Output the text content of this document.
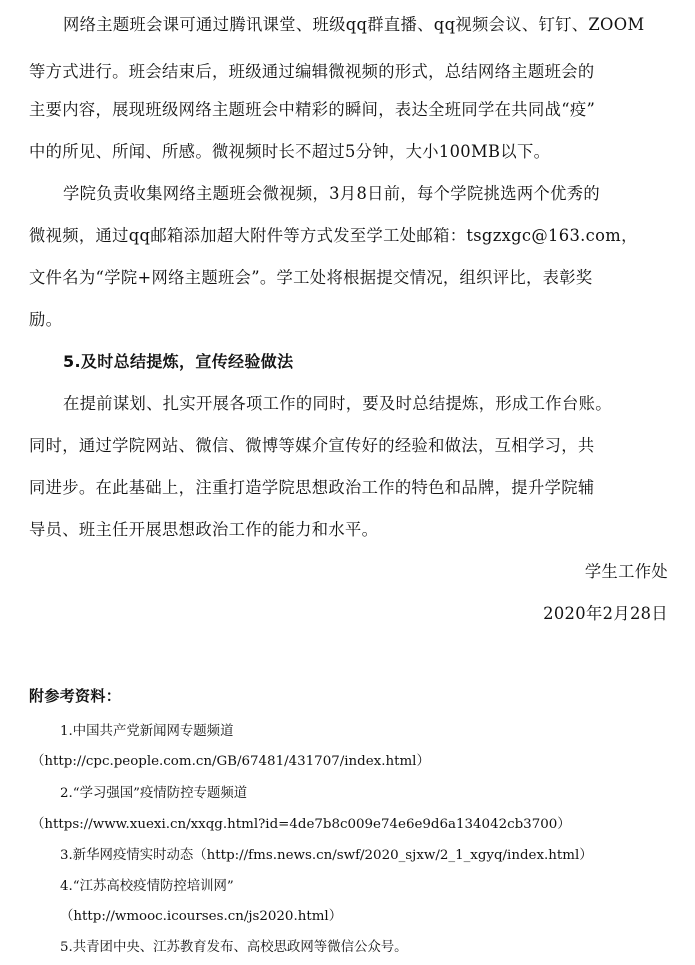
网络主题班会课可通过腾讯课堂、班级qq群直播、qq视频会议、钉钉、ZOOM
等方式进行。班会结束后，班级通过编辑微视频的形式，总结网络主题班会的
主要内容，展现班级网络主题班会中精彩的瞬间，表达全班同学在共同战“疫”
中的所见、所闻、所感。微视频时长不超过5分钟，大小100MB以下。
学院负责收集网络主题班会微视频，3月8日前，每个学院挑选两个优秀的
微视频，通过qq邮箱添加超大附件等方式发至学工处邮箱：tsgzxgc@163.com，
文件名为“学院+网络主题班会”。学工处将根据提交情况，组织评比，表彰奖
励。
5.及时总结提炼，宣传经验做法
在提前谋划、扎实开展各项工作的同时，要及时总结提炼，形成工作台账。
同时，通过学院网站、微信、微博等媒介宣传好的经验和做法，互相学习，共
同进步。在此基础上，注重打造学院思想政治工作的特色和品牌，提升学院辅
导员、班主任开展思想政治工作的能力和水平。
学生工作处
2020年2月28日
附参考资料：
1.中国共产党新闻网专题频道
（http://cpc.people.com.cn/GB/67481/431707/index.html）
2.“学习强国”疫情防控专题频道
（https://www.xuexi.cn/xxqg.html?id=4de7b8c009e74e6e9d6a134042cb3700）
3.新华网疫情实时动态（http://fms.news.cn/swf/2020_sjxw/2_1_xgyq/index.html）
4.“江苏高校疫情防控培训网”
（http://wmooc.icourses.cn/js2020.html）
5.共青团中央、江苏教育发布、高校思政网等微信公众号。
